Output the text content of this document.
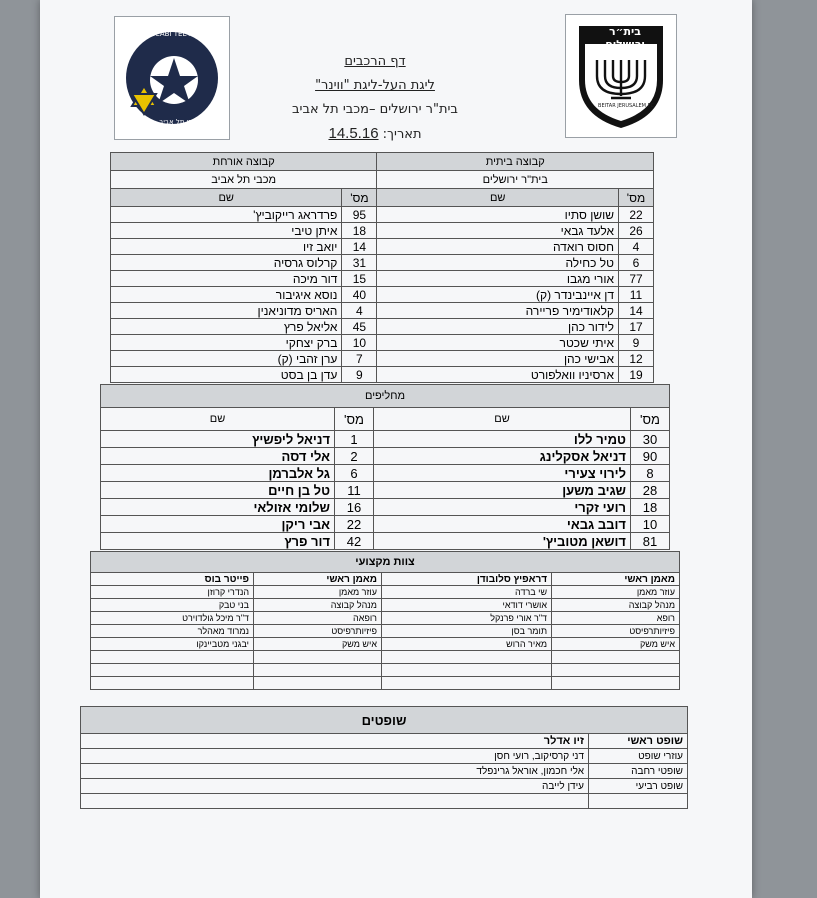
בית״ר ירושלים
BEITAR JERUSALEM FC
MACCABI TEL-AVIV
מכבי תל אביב
דף הרכבים
ליגת העל-ליגת "ווינר"
בית"ר ירושלים –מכבי תל אביב
תאריך: 14.5.16
קבוצה ביתית		קבוצה אורחת	
בית"ר ירושלים		מכבי תל אביב	
מס'	שם	מס'	שם
22	שושן סתיו	95	פרדראג רייקוביץ'
26	אלעד גבאי	18	איתן טיבי
4	חסוס רואדה	14	יואב זיו
6	טל כחילה	31	קרלוס גרסיה
77	אורי מגבו	15	דור מיכה
11	דן איינבינדר (ק)	40	נוסא איגיבור
14	קלאודימיר פריירה	4	האריס מדוניאנין
17	לידור כהן	45	אליאל פרץ
9	איתי שכטר	10	ברק יצחקי
12	אבישי כהן	7	ערן זהבי (ק)
19	ארסיניו וואלפורט	9	עדן בן בסט
מחליפים			
מס'	שם	מס'	שם
30	טמיר ללו	1	דניאל ליפשיץ
90	דניאל אסקלינג	2	אלי דסה
8	לירוי צעירי	6	גל אלברמן
28	שגיב משען	11	טל בן חיים
18	רועי זקרי	16	שלומי אזולאי
10	דובב גבאי	22	אבי ריקן
81	דושאן מטוביץ'	42	דור פרץ
צוות מקצועי			
מאמן ראשי	דראפיץ סלובודן	מאמן ראשי	פייטר בוס
עוזר מאמן	שי ברדה	עוזר מאמן	הנדרי קרוזן
מנהל קבוצה	אושרי דודאי	מנהל קבוצה	בני טבק
רופא	ד"ר אורי פרנקל	רופאה	ד"ר מיכל גולדוירט
פיזיותרפיסט	תומר בסן	פיזיותרפיסט	נמרוד מאהלר
איש משק	מאיר הרוש	איש משק	יבגני מטביינקו

שופטים	
שופט ראשי	זיו אדלר
עוזרי שופט	דני קרסיקוב, רועי חסן
שופטי רחבה	אלי חכמון, אוראל גרינפלד
שופט רביעי	עידן לייבה
